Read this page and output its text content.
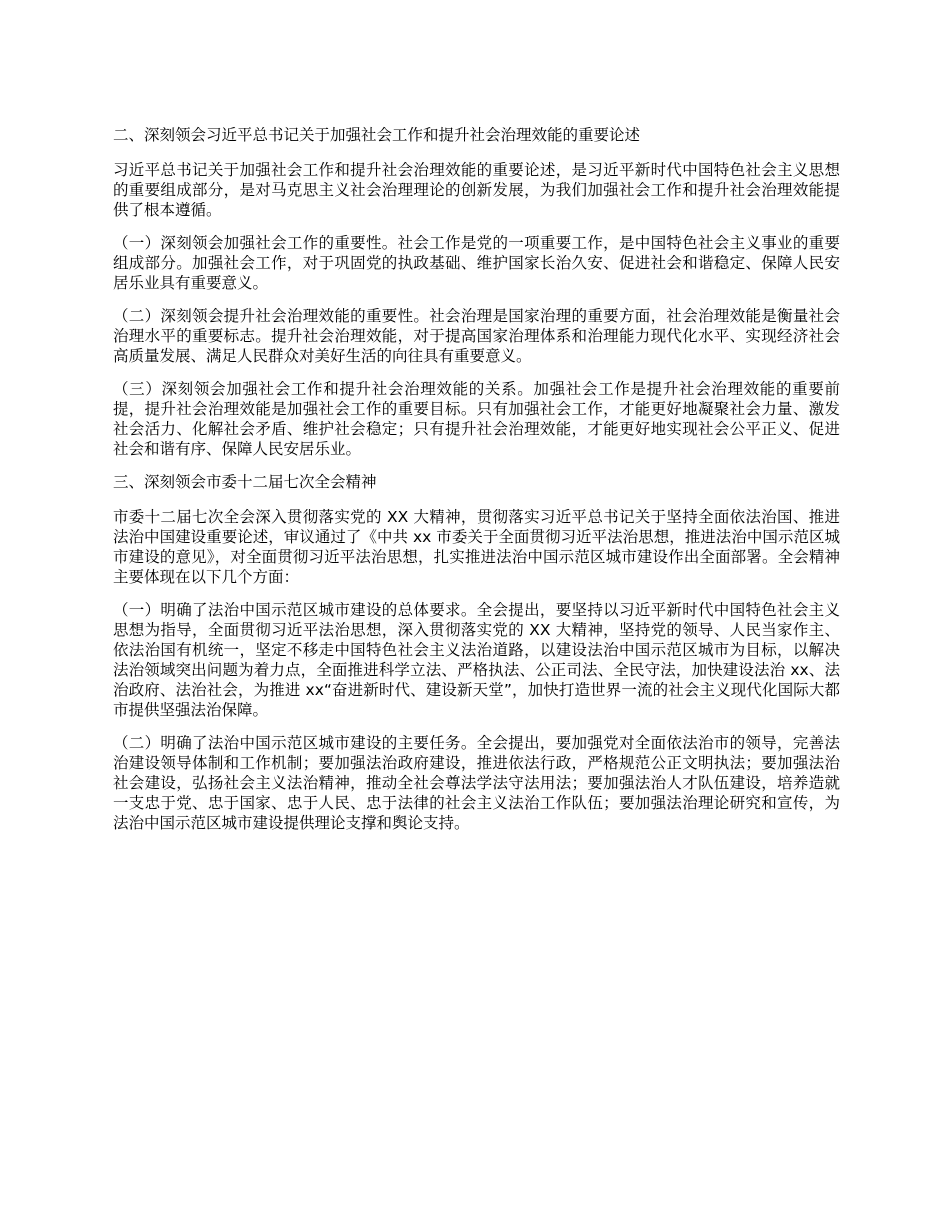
二、深刻领会习近平总书记关于加强社会工作和提升社会治理效能的重要论述

习近平总书记关于加强社会工作和提升社会治理效能的重要论述，是习近平新时代中国特色社会主义思想的重要组成部分，是对马克思主义社会治理理论的创新发展，为我们加强社会工作和提升社会治理效能提供了根本遵循。

（一）深刻领会加强社会工作的重要性。社会工作是党的一项重要工作，是中国特色社会主义事业的重要组成部分。加强社会工作，对于巩固党的执政基础、维护国家长治久安、促进社会和谐稳定、保障人民安居乐业具有重要意义。

（二）深刻领会提升社会治理效能的重要性。社会治理是国家治理的重要方面，社会治理效能是衡量社会治理水平的重要标志。提升社会治理效能，对于提高国家治理体系和治理能力现代化水平、实现经济社会高质量发展、满足人民群众对美好生活的向往具有重要意义。

（三）深刻领会加强社会工作和提升社会治理效能的关系。加强社会工作是提升社会治理效能的重要前提，提升社会治理效能是加强社会工作的重要目标。只有加强社会工作，才能更好地凝聚社会力量、激发社会活力、化解社会矛盾、维护社会稳定；只有提升社会治理效能，才能更好地实现社会公平正义、促进社会和谐有序、保障人民安居乐业。

三、深刻领会市委十二届七次全会精神

市委十二届七次全会深入贯彻落实党的 XX 大精神，贯彻落实习近平总书记关于坚持全面依法治国、推进法治中国建设重要论述，审议通过了《中共 xx 市委关于全面贯彻习近平法治思想，推进法治中国示范区城市建设的意见》，对全面贯彻习近平法治思想，扎实推进法治中国示范区城市建设作出全面部署。全会精神主要体现在以下几个方面：

（一）明确了法治中国示范区城市建设的总体要求。全会提出，要坚持以习近平新时代中国特色社会主义思想为指导，全面贯彻习近平法治思想，深入贯彻落实党的 XX 大精神，坚持党的领导、人民当家作主、依法治国有机统一，坚定不移走中国特色社会主义法治道路，以建设法治中国示范区城市为目标，以解决法治领域突出问题为着力点，全面推进科学立法、严格执法、公正司法、全民守法，加快建设法治 xx、法治政府、法治社会，为推进 xx“奋进新时代、建设新天堂”，加快打造世界一流的社会主义现代化国际大都市提供坚强法治保障。

（二）明确了法治中国示范区城市建设的主要任务。全会提出，要加强党对全面依法治市的领导，完善法治建设领导体制和工作机制；要加强法治政府建设，推进依法行政，严格规范公正文明执法；要加强法治社会建设，弘扬社会主义法治精神，推动全社会尊法学法守法用法；要加强法治人才队伍建设，培养造就一支忠于党、忠于国家、忠于人民、忠于法律的社会主义法治工作队伍；要加强法治理论研究和宣传，为法治中国示范区城市建设提供理论支撑和舆论支持。
